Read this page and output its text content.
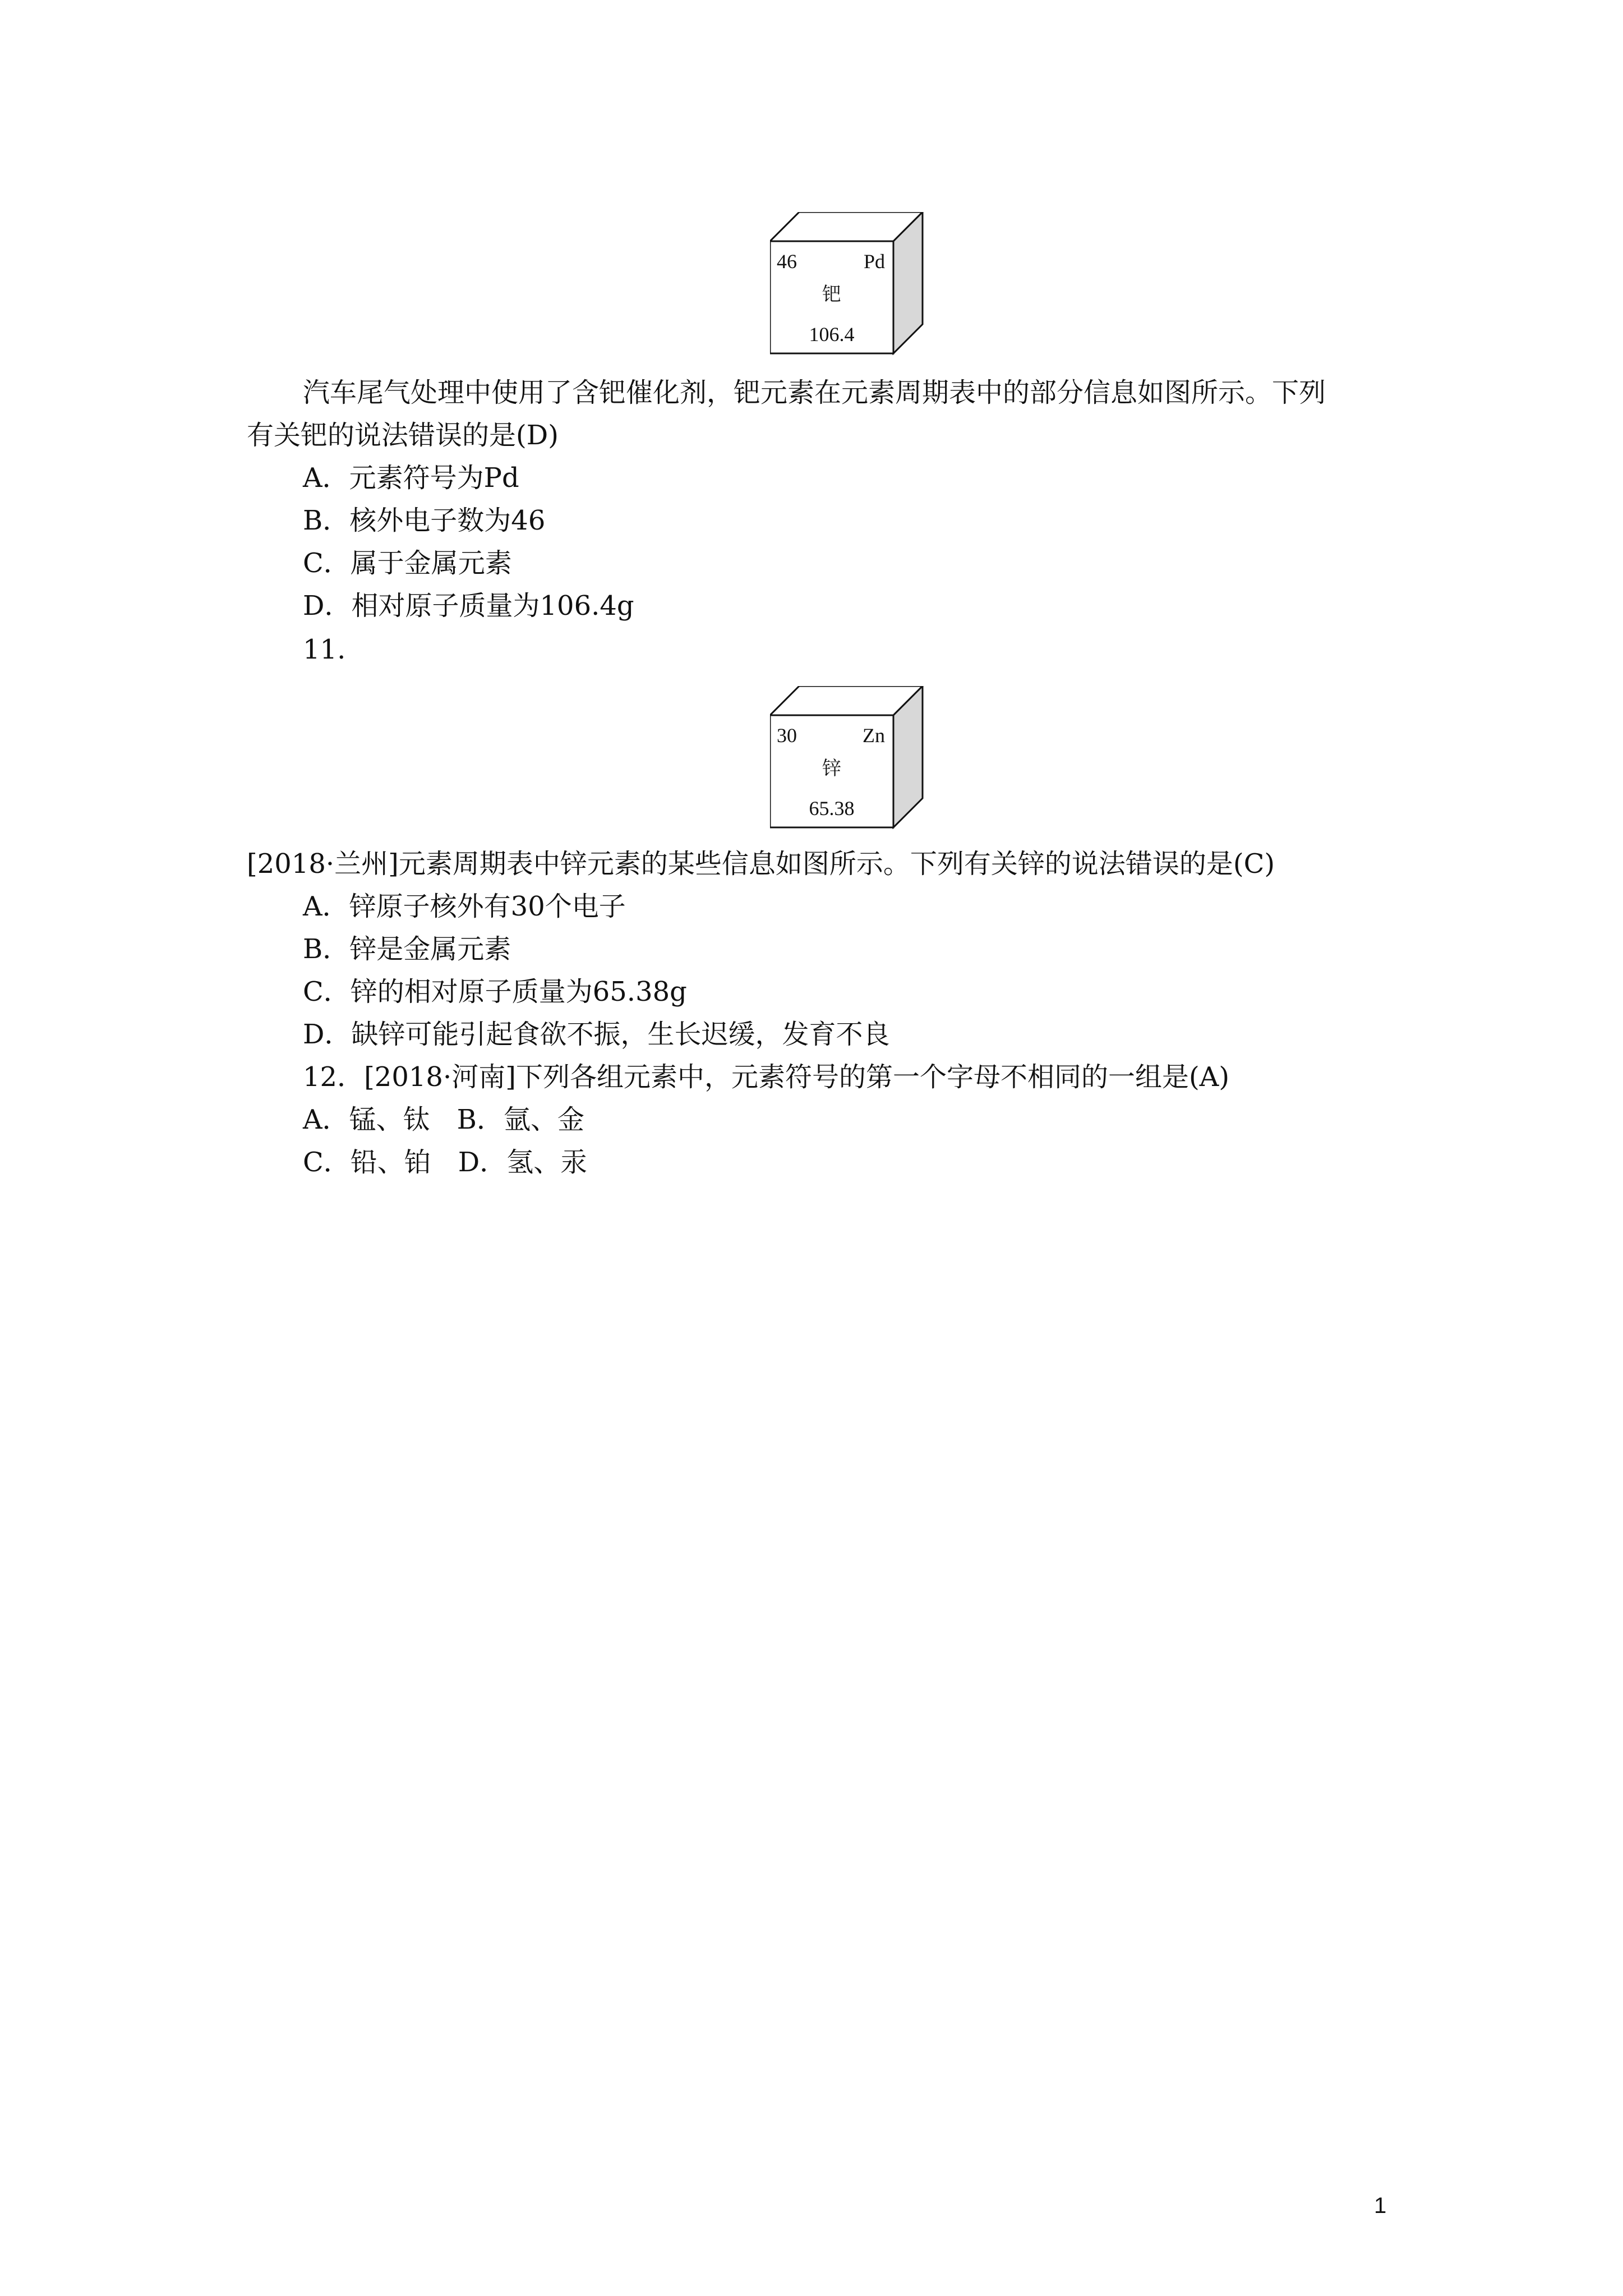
46	Pd
钯
106.4
汽车尾气处理中使用了含钯催化剂，钯元素在元素周期表中的部分信息如图所示。下列
有关钯的说法错误的是(D)
A．元素符号为Pd
B．核外电子数为46
C．属于金属元素
D．相对原子质量为106.4g
11.
30	Zn
锌
65.38
[2018·兰州]元素周期表中锌元素的某些信息如图所示。下列有关锌的说法错误的是(C)
A．锌原子核外有30个电子
B．锌是金属元素
C．锌的相对原子质量为65.38g
D．缺锌可能引起食欲不振，生长迟缓，发育不良
12．[2018·河南]下列各组元素中，元素符号的第一个字母不相同的一组是(A)
A．锰、钛　B．氩、金
C．铅、铂　D．氢、汞
1
